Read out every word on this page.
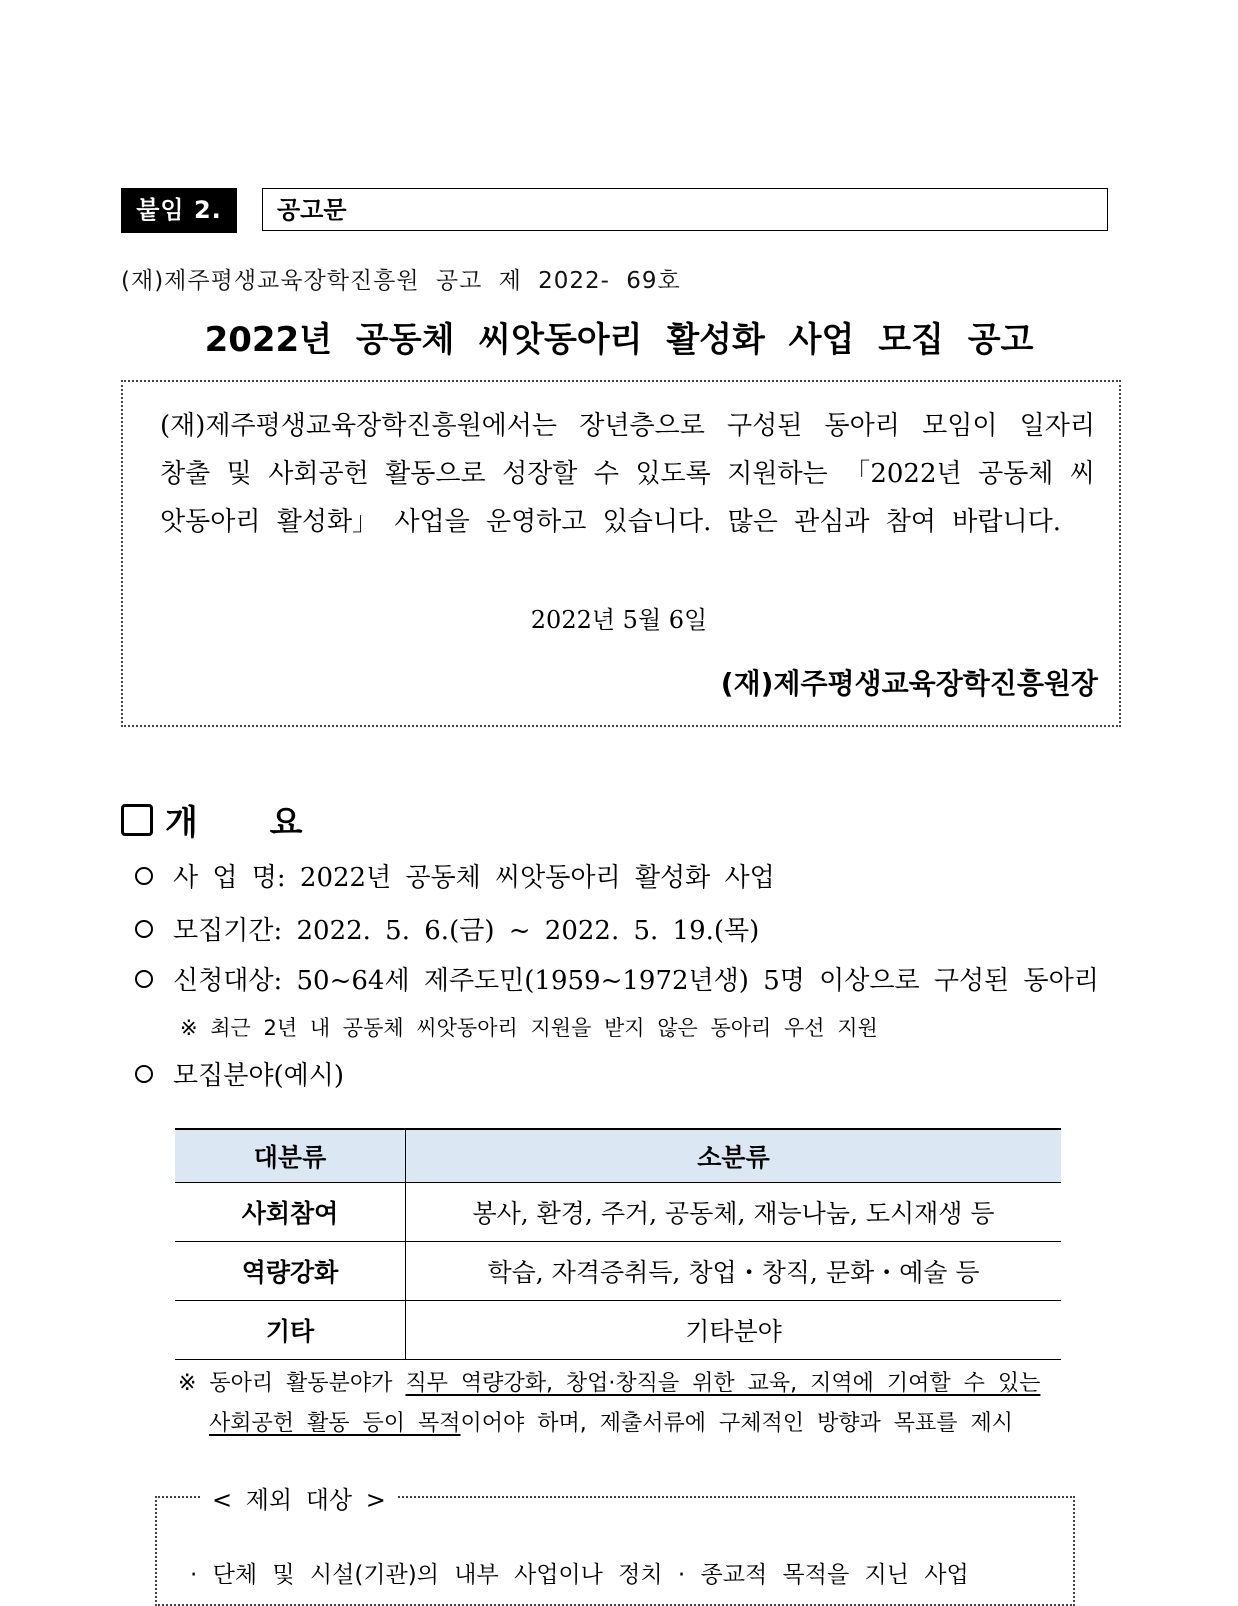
붙임 2.	공고문
(재)제주평생교육장학진흥원 공고 제 2022- 69호
2022년 공동체 씨앗동아리 활성화 사업 모집 공고
(재)제주평생교육장학진흥원에서는 장년층으로 구성된 동아리 모임이 일자리 창출 및 사회공헌 활동으로 성장할 수 있도록 지원하는 「2022년 공동체 씨앗동아리 활성화」 사업을 운영하고 있습니다. 많은 관심과 참여 바랍니다.
2022년 5월 6일
(재)제주평생교육장학진흥원장
개 요
사 업 명: 2022년 공동체 씨앗동아리 활성화 사업
모집기간: 2022. 5. 6.(금) ~ 2022. 5. 19.(목)
신청대상: 50~64세 제주도민(1959~1972년생) 5명 이상으로 구성된 동아리
※ 최근 2년 내 공동체 씨앗동아리 지원을 받지 않은 동아리 우선 지원
모집분야(예시)
대분류	소분류
사회참여	봉사, 환경, 주거, 공동체, 재능나눔, 도시재생 등
역량강화	학습, 자격증취득, 창업・창직, 문화・예술 등
기타	기타분야
※ 동아리 활동분야가 직무 역량강화, 창업·창직을 위한 교육, 지역에 기여할 수 있는
사회공헌 활동 등이 목적이어야 하며, 제출서류에 구체적인 방향과 목표를 제시
< 제외 대상 >
· 단체 및 시설(기관)의 내부 사업이나 정치 · 종교적 목적을 지닌 사업
